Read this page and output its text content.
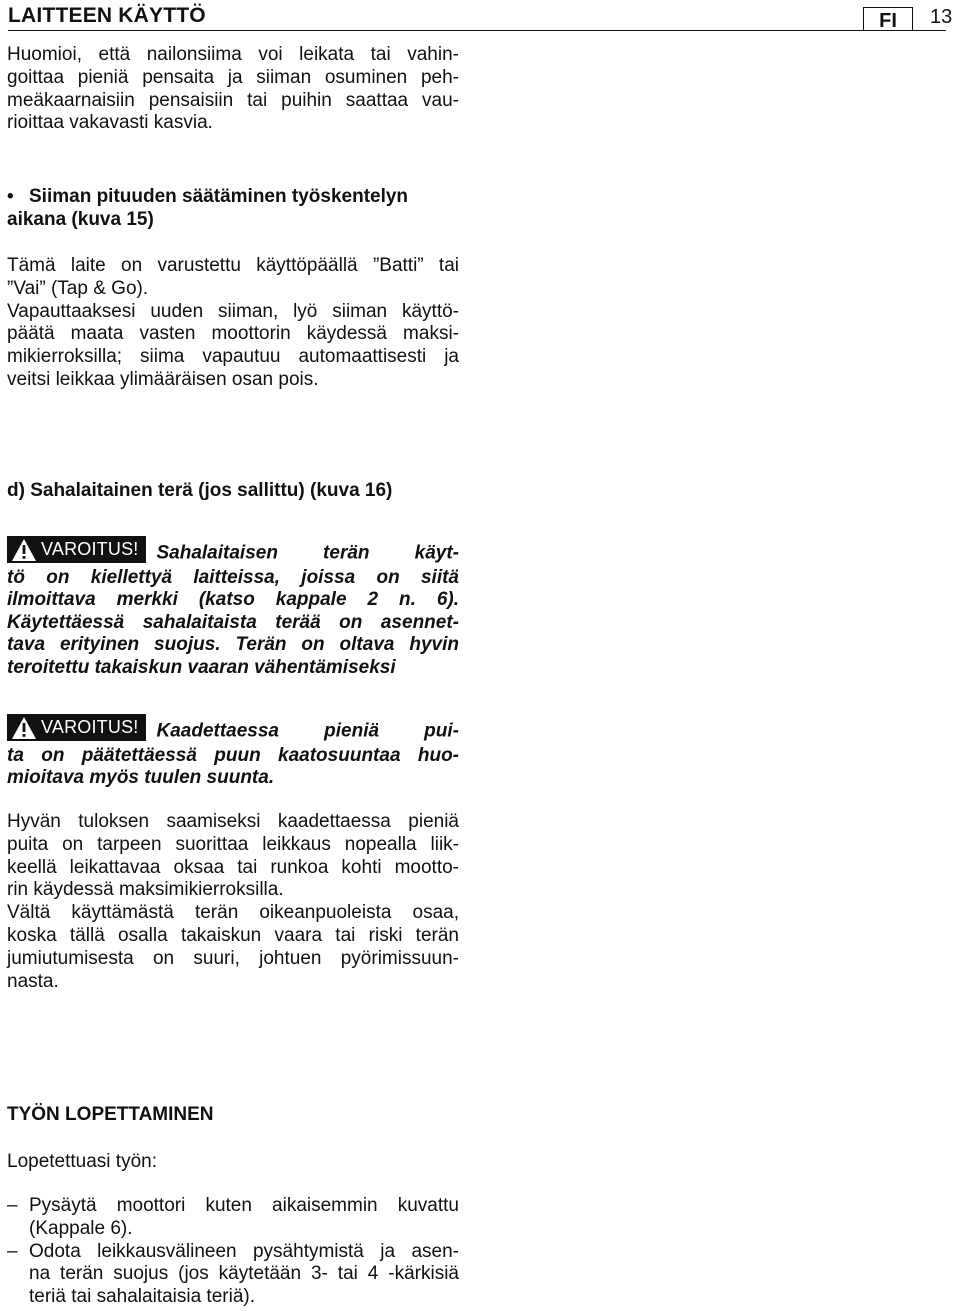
LAITTEEN KÄYTTÖ	FI	13

Huomioi, että nailonsiima voi leikata tai vahin-

goittaa pieniä pensaita ja siiman osuminen peh-

meäkaarnaisiin pensaisiin tai puihin saattaa vau-

rioittaa vakavasti kasvia.

• Siiman pituuden säätäminen työskentelyn

aikana (kuva 15)

Tämä laite on varustettu käyttöpäällä ”Batti” tai

”Vai” (Tap & Go).

Vapauttaaksesi uuden siiman, lyö siiman käyttö-

päätä maata vasten moottorin käydessä maksi-

mikierroksilla; siima vapautuu automaattisesti ja

veitsi leikkaa ylimääräisen osan pois.

d) Sahalaitainen terä (jos sallittu) (kuva 16)

VAROITUS! Sahalaitaisen terän käyt-

tö on kiellettyä laitteissa, joissa on siitä

ilmoittava merkki (katso kappale 2 n. 6).

Käytettäessä sahalaitaista terää on asennet-

tava erityinen suojus. Terän on oltava hyvin

teroitettu takaiskun vaaran vähentämiseksi

VAROITUS! Kaadettaessa pieniä pui-

ta on päätettäessä puun kaatosuuntaa huo-

mioitava myös tuulen suunta.

Hyvän tuloksen saamiseksi kaadettaessa pieniä

puita on tarpeen suorittaa leikkaus nopealla liik-

keellä leikattavaa oksaa tai runkoa kohti mootto-

rin käydessä maksimikierroksilla.

Vältä käyttämästä terän oikeanpuoleista osaa,

koska tällä osalla takaiskun vaara tai riski terän

jumiutumisesta on suuri, johtuen pyörimissuun-

nasta.

TYÖN LOPETTAMINEN

Lopetettuasi työn:

– Pysäytä moottori kuten aikaisemmin kuvattu

(Kappale 6).

– Odota leikkausvälineen pysähtymistä ja asen-

na terän suojus (jos käytetään 3- tai 4 -kärkisiä

teriä tai sahalaitaisia teriä).
